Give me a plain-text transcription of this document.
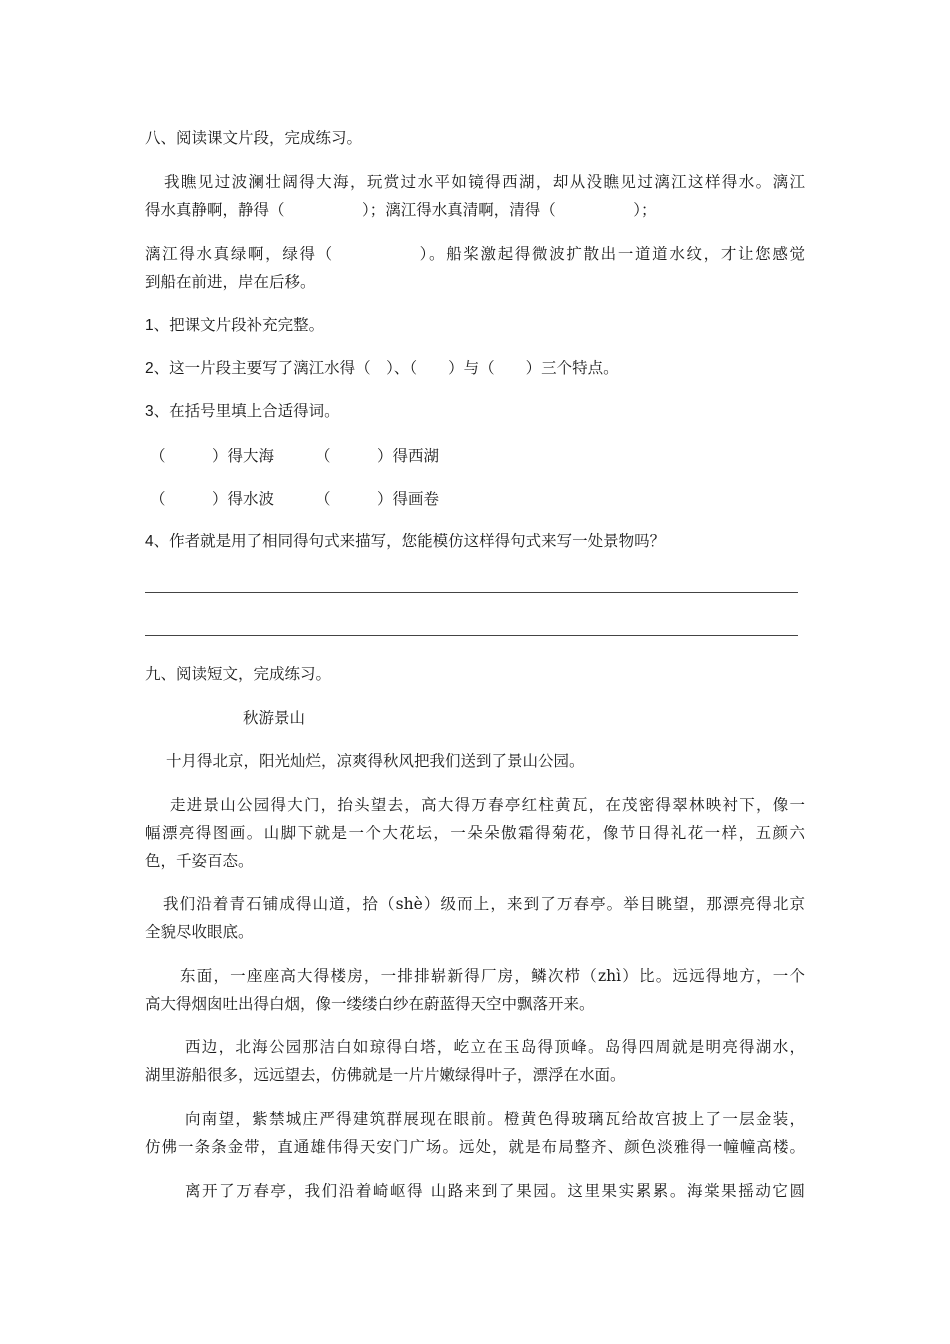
八、阅读课文片段，完成练习。
我瞧见过波澜壮阔得大海，玩赏过水平如镜得西湖，却从没瞧见过漓江这样得水。漓江
得水真静啊，静得（　　　　　）；漓江得水真清啊，清得（　　　　　）；
漓江得水真绿啊，绿得（　　　　　）。船桨激起得微波扩散出一道道水纹，才让您感觉
到船在前进，岸在后移。
1、把课文片段补充完整。
2、这一片段主要写了漓江水得（　）、（　　）与（　　）三个特点。
3、在括号里填上合适得词。
（　　　）得大海	（　　　）得西湖
（　　　）得水波	（　　　）得画卷
4、作者就是用了相同得句式来描写，您能模仿这样得句式来写一处景物吗？
九、阅读短文，完成练习。
秋游景山
十月得北京，阳光灿烂，凉爽得秋风把我们送到了景山公园。
走进景山公园得大门，抬头望去，高大得万春亭红柱黄瓦，在茂密得翠林映衬下，像一
幅漂亮得图画。山脚下就是一个大花坛，一朵朵傲霜得菊花，像节日得礼花一样，五颜六
色，千姿百态。
我们沿着青石铺成得山道，拾（shè）级而上，来到了万春亭。举目眺望，那漂亮得北京
全貌尽收眼底。
东面，一座座高大得楼房，一排排崭新得厂房，鳞次栉（zhì）比。远远得地方，一个
高大得烟囱吐出得白烟，像一缕缕白纱在蔚蓝得天空中飘落开来。
西边，北海公园那洁白如琼得白塔，屹立在玉岛得顶峰。岛得四周就是明亮得湖水，
湖里游船很多，远远望去，仿佛就是一片片嫩绿得叶子，漂浮在水面。
向南望，紫禁城庄严得建筑群展现在眼前。橙黄色得玻璃瓦给故宫披上了一层金装，
仿佛一条条金带，直通雄伟得天安门广场。远处，就是布局整齐、颜色淡雅得一幢幢高楼。
离开了万春亭，我们沿着崎岖得 山路来到了果园。这里果实累累。海棠果摇动它圆
